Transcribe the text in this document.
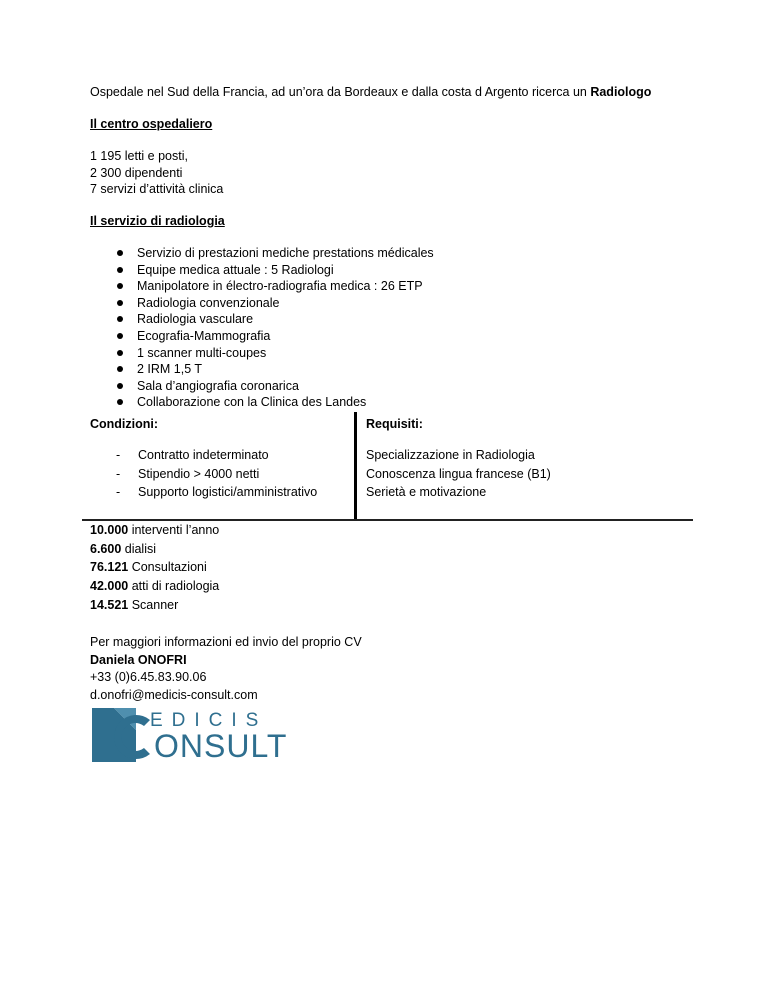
Ospedale nel Sud della Francia, ad un’ora da Bordeaux e dalla costa d Argento ricerca un Radiologo
Il centro ospedaliero
1 195 letti e posti,
2 300 dipendenti
7 servizi d’attività clinica
Il servizio di radiologia
Servizio di prestazioni mediche prestations médicales
Equipe medica attuale : 5 Radiologi
Manipolatore in électro-radiografia medica : 26 ETP
Radiologia convenzionale
Radiologia vasculare
Ecografia-Mammografia
1 scanner multi-coupes
2 IRM 1,5 T
Sala d’angiografia coronarica
Collaborazione con la Clinica des Landes
Condizioni:	Requisiti:
- Contratto indeterminato
- Stipendio > 4000 netti
- Supporto logistici/amministrativo
Specializzazione in Radiologia
Conoscenza lingua francese (B1)
Serietà e motivazione
10.000 interventi l’anno
6.600 dialisi
76.121 Consultazioni
42.000 atti di radiologia
14.521 Scanner
Per maggiori informazioni ed invio del proprio CV
Daniela ONOFRI
+33 (0)6.45.83.90.06
d.onofri@medicis-consult.com
EDICIS
ONSULT
